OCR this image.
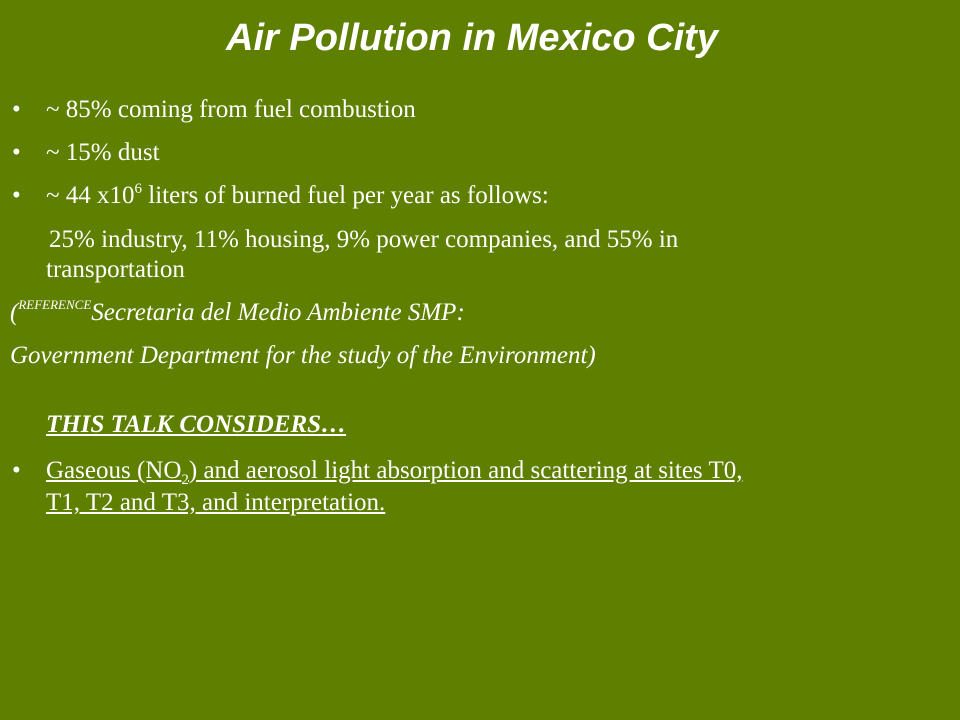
Air Pollution in Mexico City
• ~ 85% coming from fuel combustion
• ~ 15% dust
• ~ 44 $x10^6$ liters of burned fuel per year as follows:
25% industry, 11% housing, 9% power companies, and 55% in
transportation
($^{REFERENCE}$Secretaria del Medio Ambiente SMP:
Government Department for the study of the Environment)
THIS TALK CONSIDERS…
• Gaseous $(NO_2)$ and aerosol light absorption and scattering at sites T0,
T1, T2 and T3, and interpretation.
